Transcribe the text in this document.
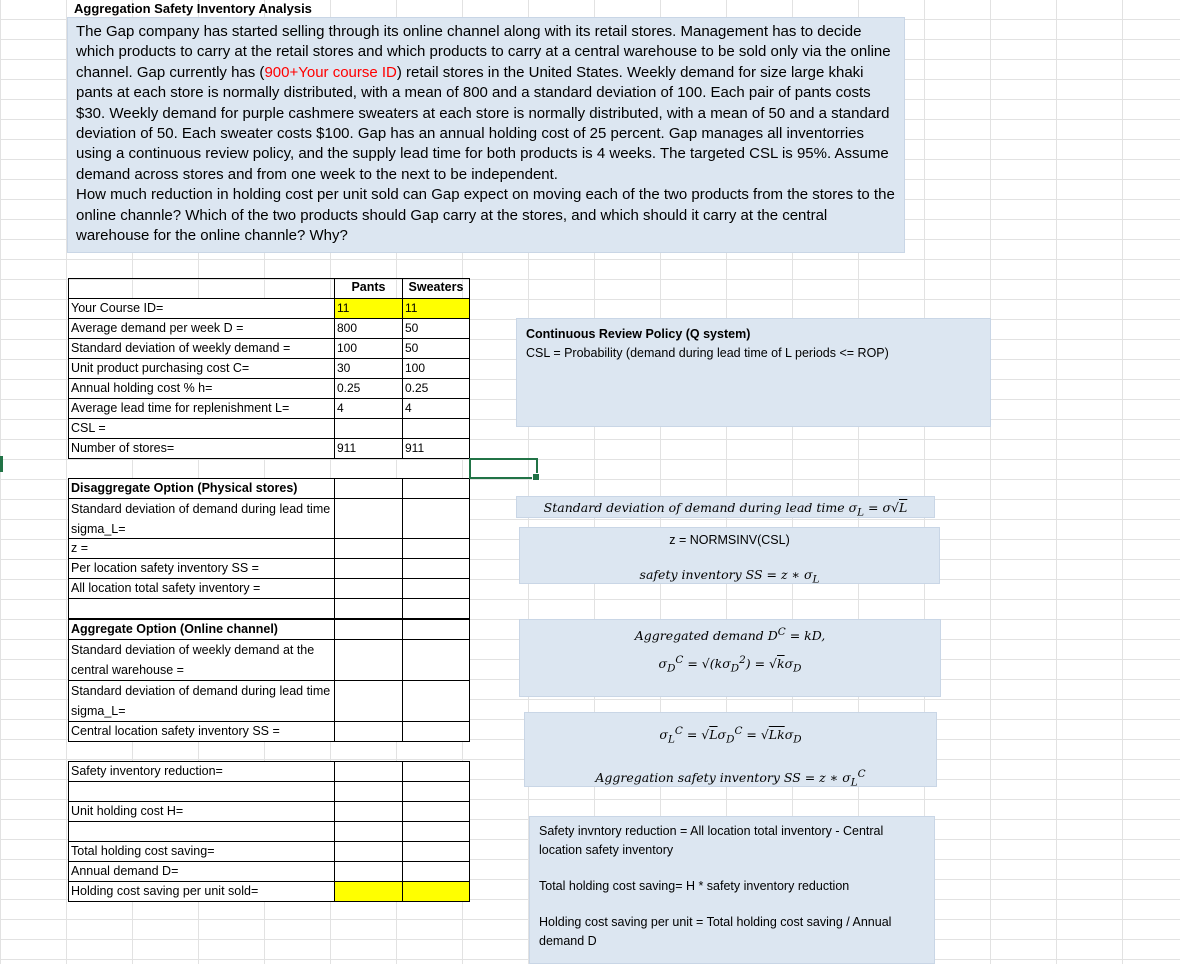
Aggregation Safety Inventory Analysis

The Gap company has started selling through its online channel along with its retail stores. Management has to decide which products to carry at the retail stores and which products to carry at a central warehouse to be sold only via the online channel. Gap currently has (900+Your course ID) retail stores in the United States. Weekly demand for size large khaki pants at each store is normally distributed, with a mean of 800 and a standard deviation of 100. Each pair of pants costs $30. Weekly demand for purple cashmere sweaters at each store is normally distributed, with a mean of 50 and a standard deviation of 50. Each sweater costs $100. Gap has an annual holding cost of 25 percent. Gap manages all inventorries using a continuous review policy, and the supply lead time for both products is 4 weeks. The targeted CSL is 95%. Assume demand across stores and from one week to the next to be independent.

How much reduction in holding cost per unit sold can Gap expect on moving each of the two products from the stores to the online channle? Which of the two products should Gap carry at the stores, and which should it carry at the central warehouse for the online channle? Why?

Pants	Sweaters
Your Course ID=	11	11
Average demand per week D =	800	50
Standard deviation of weekly demand =	100	50
Unit product purchasing cost C=	30	100
Annual holding cost % h=	0.25	0.25
Average lead time for replenishment L=	4	4
CSL =
Number of stores=	911	911
Disaggregate Option (Physical stores)
Standard deviation of demand during lead time sigma_L=
z =
Per location safety inventory SS =
All location total safety inventory =
Aggregate Option (Online channel)
Standard deviation of weekly demand at the central warehouse =
Standard deviation of demand during lead time sigma_L=
Central location safety inventory SS =
Safety inventory reduction=
Unit holding cost H=
Total holding cost saving=
Annual demand D=
Holding cost saving per unit sold=
Continuous Review Policy (Q system)
CSL = Probability (demand during lead time of L periods <= ROP)
Standard deviation of demand during lead time $\sigma_L = \sigma√L$
z = NORMSINV(CSL)
safety inventory SS = z ∗ $\sigma_L$
Aggregated demand $D^C$ = kD,
$\sigma_D^C = √(k\sigma_D^2) = √k\sigma_D$
$\sigma_L^C = √L\sigma_D^C = √Lk\sigma_D$
Aggregation safety inventory SS = z ∗ $\sigma_L^C$

Safety invntory reduction = All location total inventory - Central location safety inventory

Total holding cost saving= H * safety inventory reduction

Holding cost saving per unit = Total holding cost saving / Annual demand D
